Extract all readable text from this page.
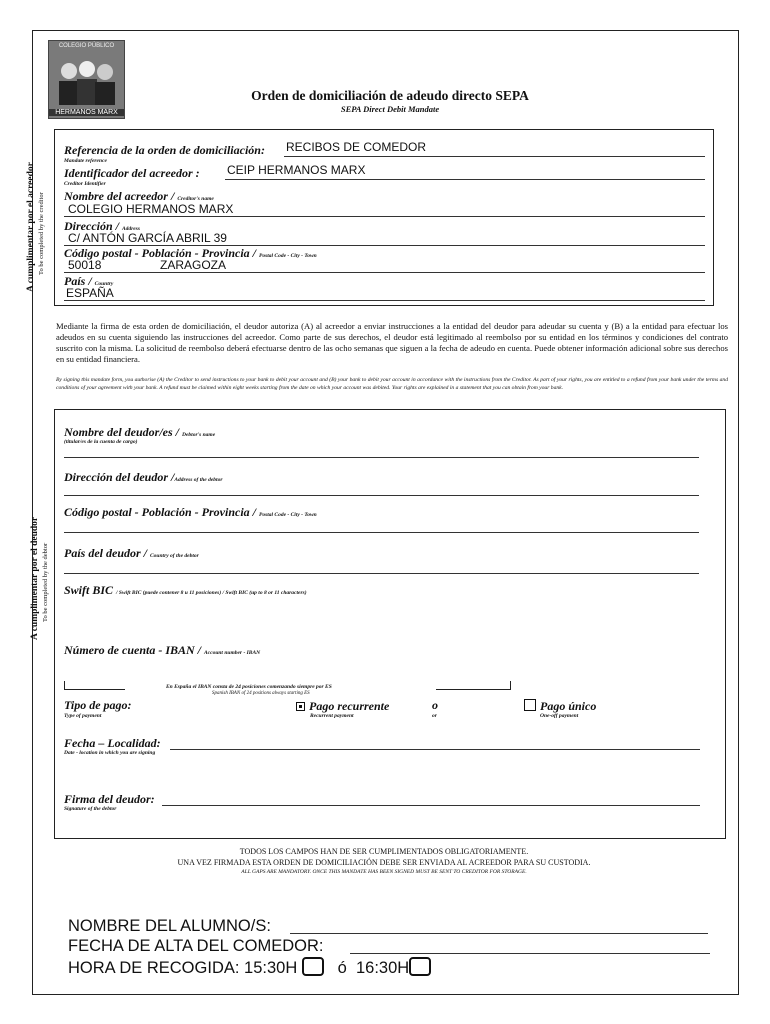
COLEGIO PÚBLICO
HERMANOS MARX
Orden de domiciliación de adeudo directo SEPA
SEPA Direct Debit Mandate
A cumplimentar por el acreedor To be completed by the creditor
Referencia de la orden de domiciliación: RECIBOS DE COMEDOR
Mandate reference
Identificador del acreedor : CEIP HERMANOS MARX
Creditor Identifier
Nombre del acreedor / Creditor's name
COLEGIO HERMANOS MARX
Dirección / Address
C/ ANTÓN GARCÍA ABRIL 39
Código postal - Población - Provincia / Postal Code - City - Town
50018	ZARAGOZA
País / Country
ESPAÑA
Mediante la firma de esta orden de domiciliación, el deudor autoriza (A) al acreedor a enviar instrucciones a la entidad del deudor para adeudar su cuenta y (B) a la entidad para efectuar los adeudos en su cuenta siguiendo las instrucciones del acreedor. Como parte de sus derechos, el deudor está legitimado al reembolso por su entidad en los términos y condiciones del contrato suscrito con la misma. La solicitud de reembolso deberá efectuarse dentro de las ocho semanas que siguen a la fecha de adeudo en cuenta. Puede obtener información adicional sobre sus derechos en su entidad financiera.
By signing this mandate form, you authorise (A) the Creditor to send instructions to your bank to debit your account and (B) your bank to debit your account in accordance with the instructions from the Creditor. As part of your rights, you are entitled to a refund from your bank under the terms and conditions of your agreement with your bank. A refund must be claimed within eight weeks starting from the date on which your account was debited. Your rights are explained in a statement that you can obtain from your bank.
A cumplimentar por el deudor To be completed by the debtor
Nombre del deudor/es / Debtor's name
(titular/es de la cuenta de cargo)
Dirección del deudor /Address of the debtor
Código postal - Población - Provincia / Postal Code - City - Town
País del deudor / Country of the debtor
Swift BIC / Swift BIC (puede contener 8 u 11 posiciones) / Swift BIC (up to 8 or 11 characters)
Número de cuenta - IBAN / Account number - IBAN
En España el IBAN consta de 24 posiciones comenzando siempre por ES
Spanish IBAN of 24 positions always starting ES
Tipo de pago:
Type of payment
Pago recurrente
Recurrent payment
o
or
Pago único
One-off payment
Fecha – Localidad:
Date - location in which you are signing
Firma del deudor:
Signature of the debtor
TODOS LOS CAMPOS HAN DE SER CUMPLIMENTADOS OBLIGATORIAMENTE.
UNA VEZ FIRMADA ESTA ORDEN DE DOMICILIACIÓN DEBE SER ENVIADA AL ACREEDOR PARA SU CUSTODIA.
ALL GAPS ARE MANDATORY. ONCE THIS MANDATE HAS BEEN SIGNED MUST BE SENT TO CREDITOR FOR STORAGE.
NOMBRE DEL ALUMNO/S:
FECHA DE ALTA DEL COMEDOR:
HORA DE RECOGIDA: 15:30H ó 16:30H
